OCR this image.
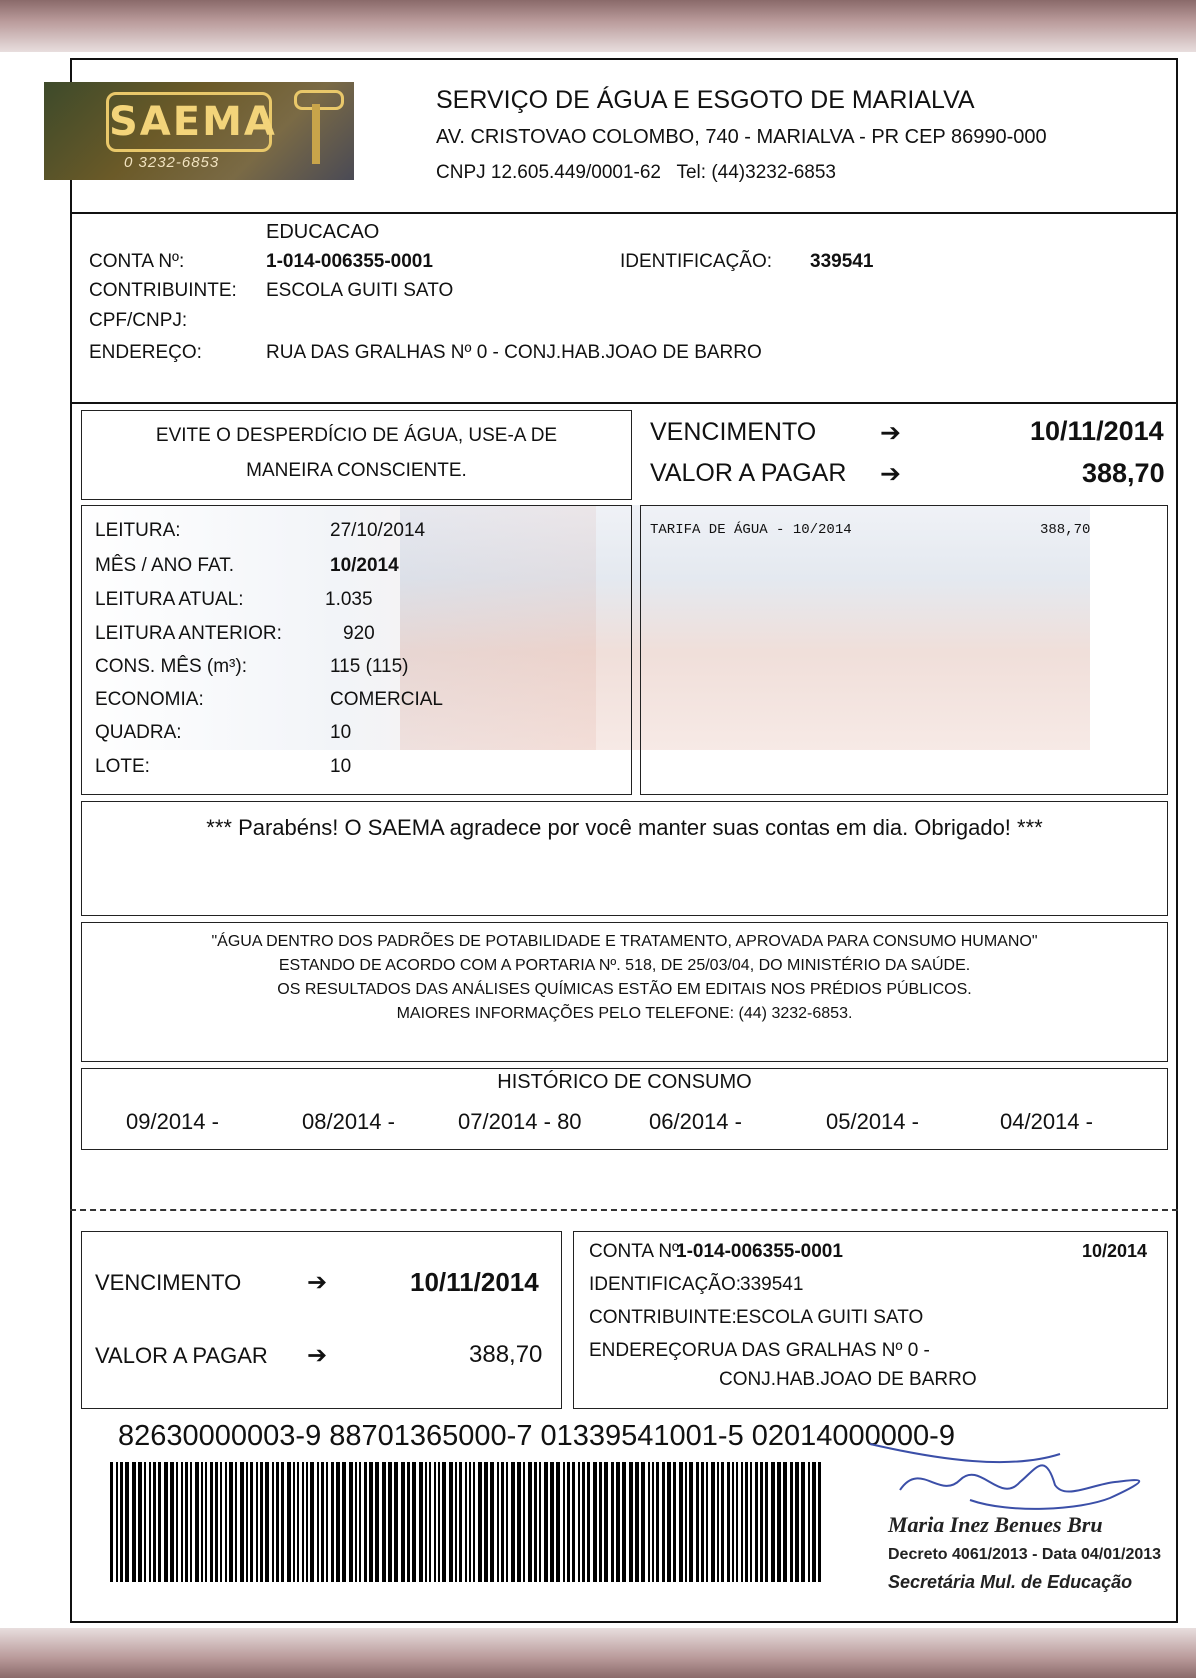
SAEMA
0 3232-6853
SERVIÇO DE ÁGUA E ESGOTO DE MARIALVA
AV. CRISTOVAO COLOMBO, 740 - MARIALVA - PR CEP 86990-000
CNPJ 12.605.449/0001-62   Tel: (44)3232-6853
EDUCACAO
CONTA Nº:	1-014-006355-0001	IDENTIFICAÇÃO: 339541
CONTRIBUINTE: ESCOLA GUITI SATO
CPF/CNPJ:
ENDEREÇO:	RUA DAS GRALHAS Nº 0 - CONJ.HAB.JOAO DE BARRO
EVITE O DESPERDÍCIO DE ÁGUA, USE-A DE
MANEIRA CONSCIENTE.
VENCIMENTO	➔	10/11/2014
VALOR A PAGAR ➔	388,70
LEITURA:	27/10/2014
MÊS / ANO FAT.	10/2014
LEITURA ATUAL:	1.035
LEITURA ANTERIOR:	920
CONS. MÊS (m³):	115 (115)
ECONOMIA:	COMERCIAL
QUADRA:	10
LOTE:	10
TARIFA DE ÁGUA - 10/2014	388,70
*** Parabéns! O SAEMA agradece por você manter suas contas em dia. Obrigado! ***
"ÁGUA DENTRO DOS PADRÕES DE POTABILIDADE E TRATAMENTO, APROVADA PARA CONSUMO HUMANO"
ESTANDO DE ACORDO COM A PORTARIA Nº. 518, DE 25/03/04, DO MINISTÉRIO DA SAÚDE.
OS RESULTADOS DAS ANÁLISES QUÍMICAS ESTÃO EM EDITAIS NOS PRÉDIOS PÚBLICOS.
MAIORES INFORMAÇÕES PELO TELEFONE: (44) 3232-6853.
HISTÓRICO DE CONSUMO
09/2014 -	08/2014 -	07/2014 - 80	06/2014 -	05/2014 -	04/2014 -
VENCIMENTO	➔	10/11/2014
VALOR A PAGAR ➔	388,70
CONTA Nº:
1-014-006355-0001	10/2014
IDENTIFICAÇÃO:
339541
CONTRIBUINTE: ESCOLA GUITI SATO
ENDEREÇO:
RUA DAS GRALHAS Nº 0 -
CONJ.HAB.JOAO DE BARRO
82630000003-9 88701365000-7 01339541001-5 02014000000-9
Maria Inez Benues Bru
Decreto 4061/2013 - Data 04/01/2013
Secretária Mul. de Educação
